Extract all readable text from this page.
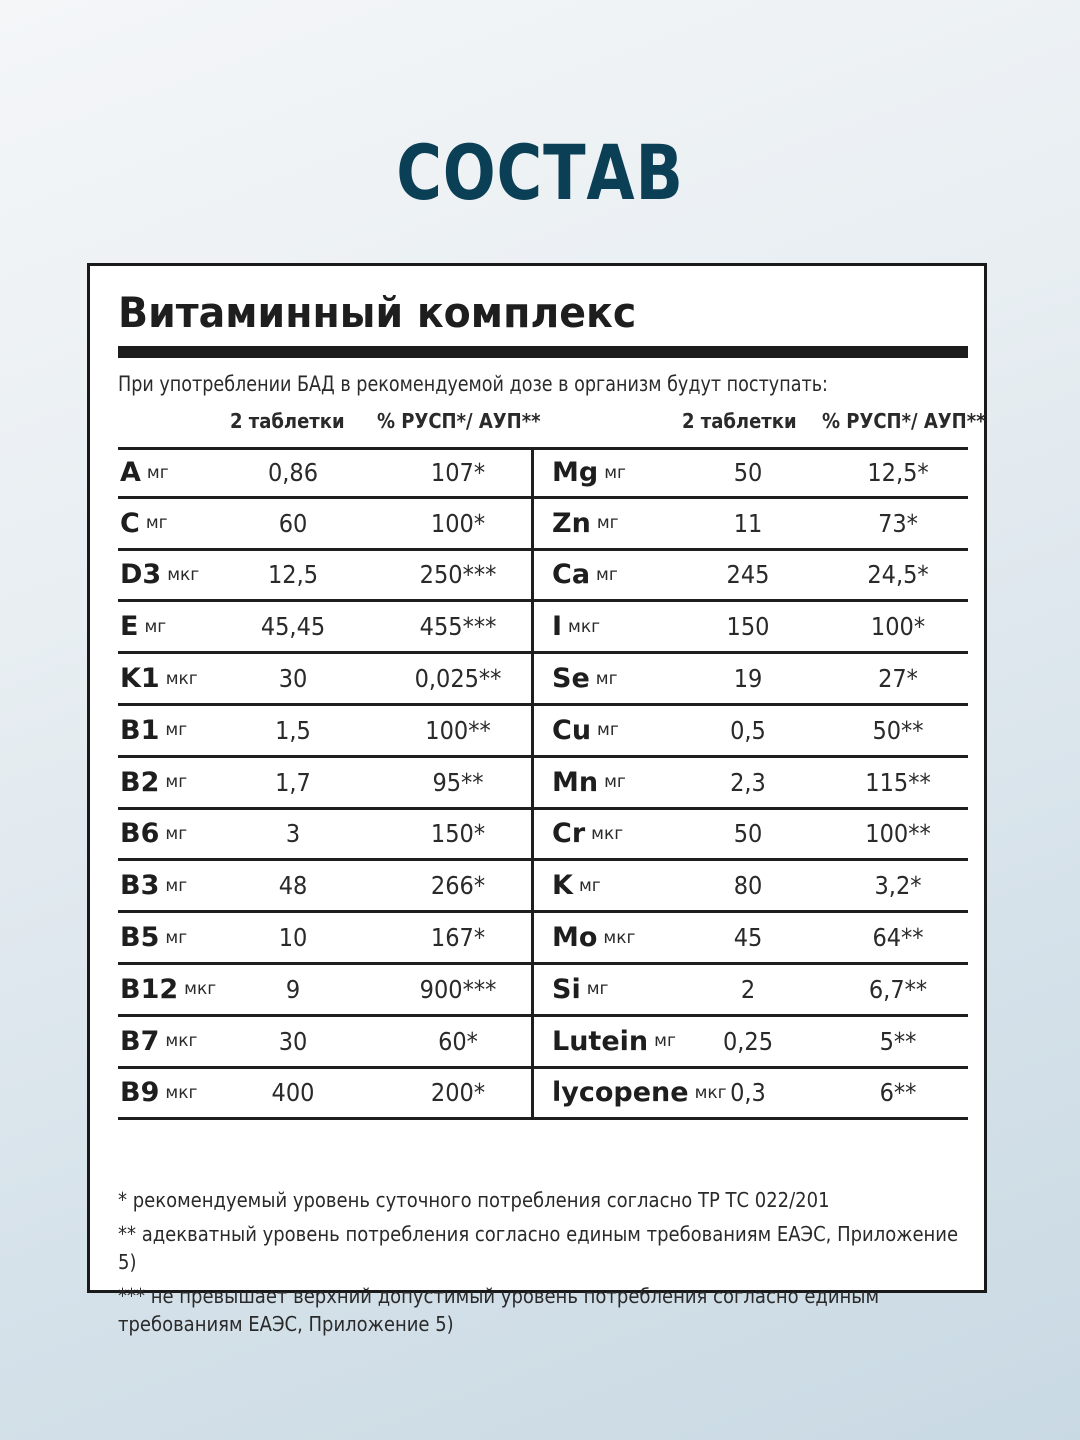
СОСТАВ
Витаминный комплекс
При употреблении БАД в рекомендуемой дозе в организм будут поступать:
2 таблетки % РУСП*/ АУП**	2 таблетки % РУСП*/ АУП**
A мг	0,86	107*	Mg мг	50	12,5*
C мг	60	100*	Zn мг	11	73*
D3 мкг	12,5	250***	Ca мг	245	24,5*
E мг	45,45	455***	I мкг	150	100*
K1 мкг	30	0,025**	Se мг	19	27*
B1 мг	1,5	100**	Cu мг	0,5	50**
B2 мг	1,7	95**	Mn мг	2,3	115**
B6 мг	3	150*	Cr мкг	50	100**
B3 мг	48	266*	K мг	80	3,2*
B5 мг	10	167*	Mo мкг	45	64**
B12 мкг	9	900***	Si мг	2	6,7**
B7 мкг	30	60*	Lutein мг	0,25	5**
B9 мкг	400	200*	lycopene мкг 0,3	6**
* рекомендуемый уровень суточного потребления согласно ТР ТС 022/201
** адекватный уровень потребления согласно единым требованиям ЕАЭС, Приложение 5)
*** не превышает верхний допустимый уровень потребления согласно единым требованиям ЕАЭС, Приложение 5)
